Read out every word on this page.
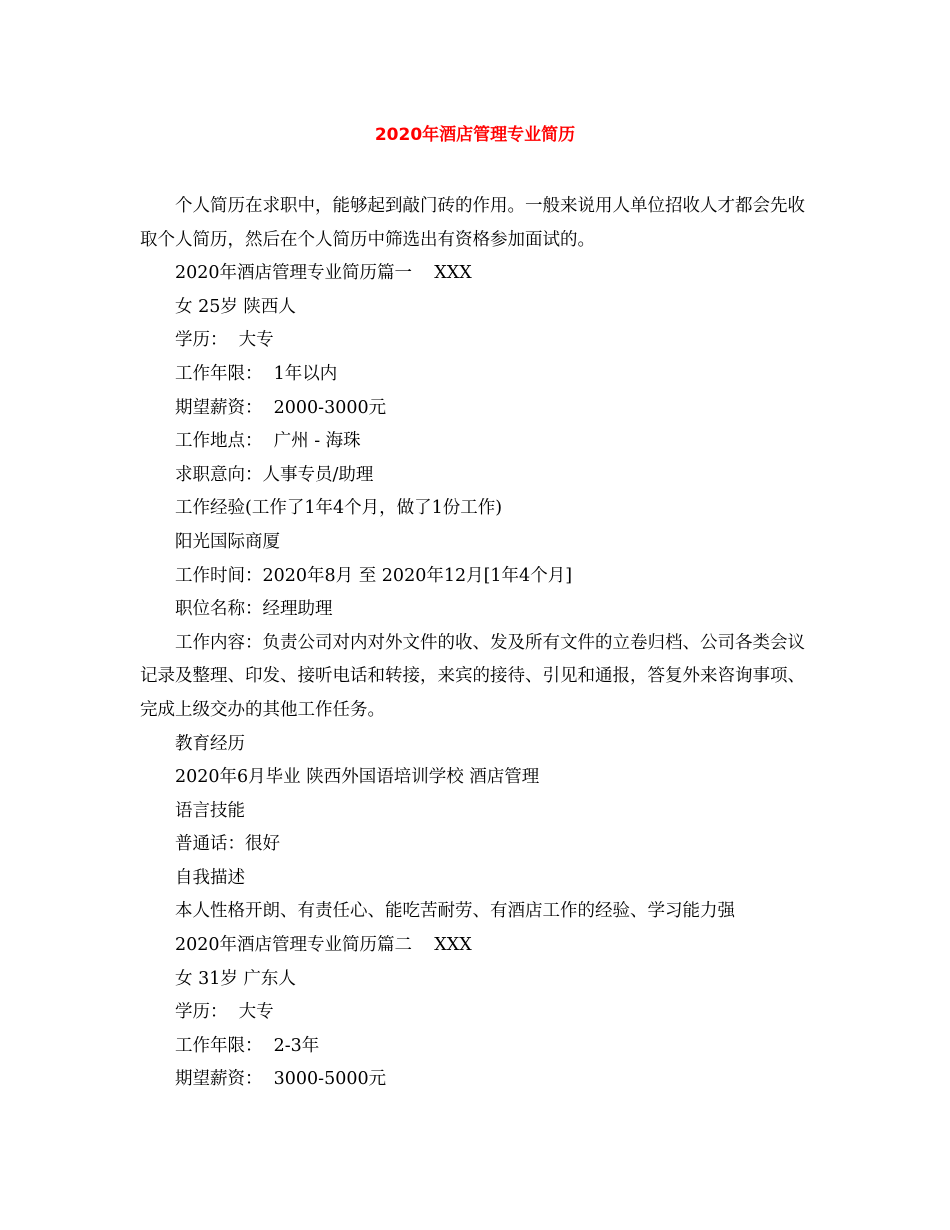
2020年酒店管理专业简历

个人简历在求职中，能够起到敲门砖的作用。一般来说用人单位招收人才都会先收取个人简历，然后在个人简历中筛选出有资格参加面试的。

2020年酒店管理专业简历篇一    XXX

女 25岁 陕西人

学历：  大专

工作年限：  1年以内

期望薪资：  2000-3000元

工作地点：  广州 - 海珠

求职意向：人事专员/助理

工作经验(工作了1年4个月，做了1份工作)

阳光国际商厦

工作时间：2020年8月 至 2020年12月[1年4个月]

职位名称：经理助理

工作内容：负责公司对内对外文件的收、发及所有文件的立卷归档、公司各类会议记录及整理、印发、接听电话和转接，来宾的接待、引见和通报，答复外来咨询事项、完成上级交办的其他工作任务。

教育经历

2020年6月毕业 陕西外国语培训学校 酒店管理

语言技能

普通话：很好

自我描述

本人性格开朗、有责任心、能吃苦耐劳、有酒店工作的经验、学习能力强

2020年酒店管理专业简历篇二    XXX

女 31岁 广东人

学历：  大专

工作年限：  2-3年

期望薪资：  3000-5000元
